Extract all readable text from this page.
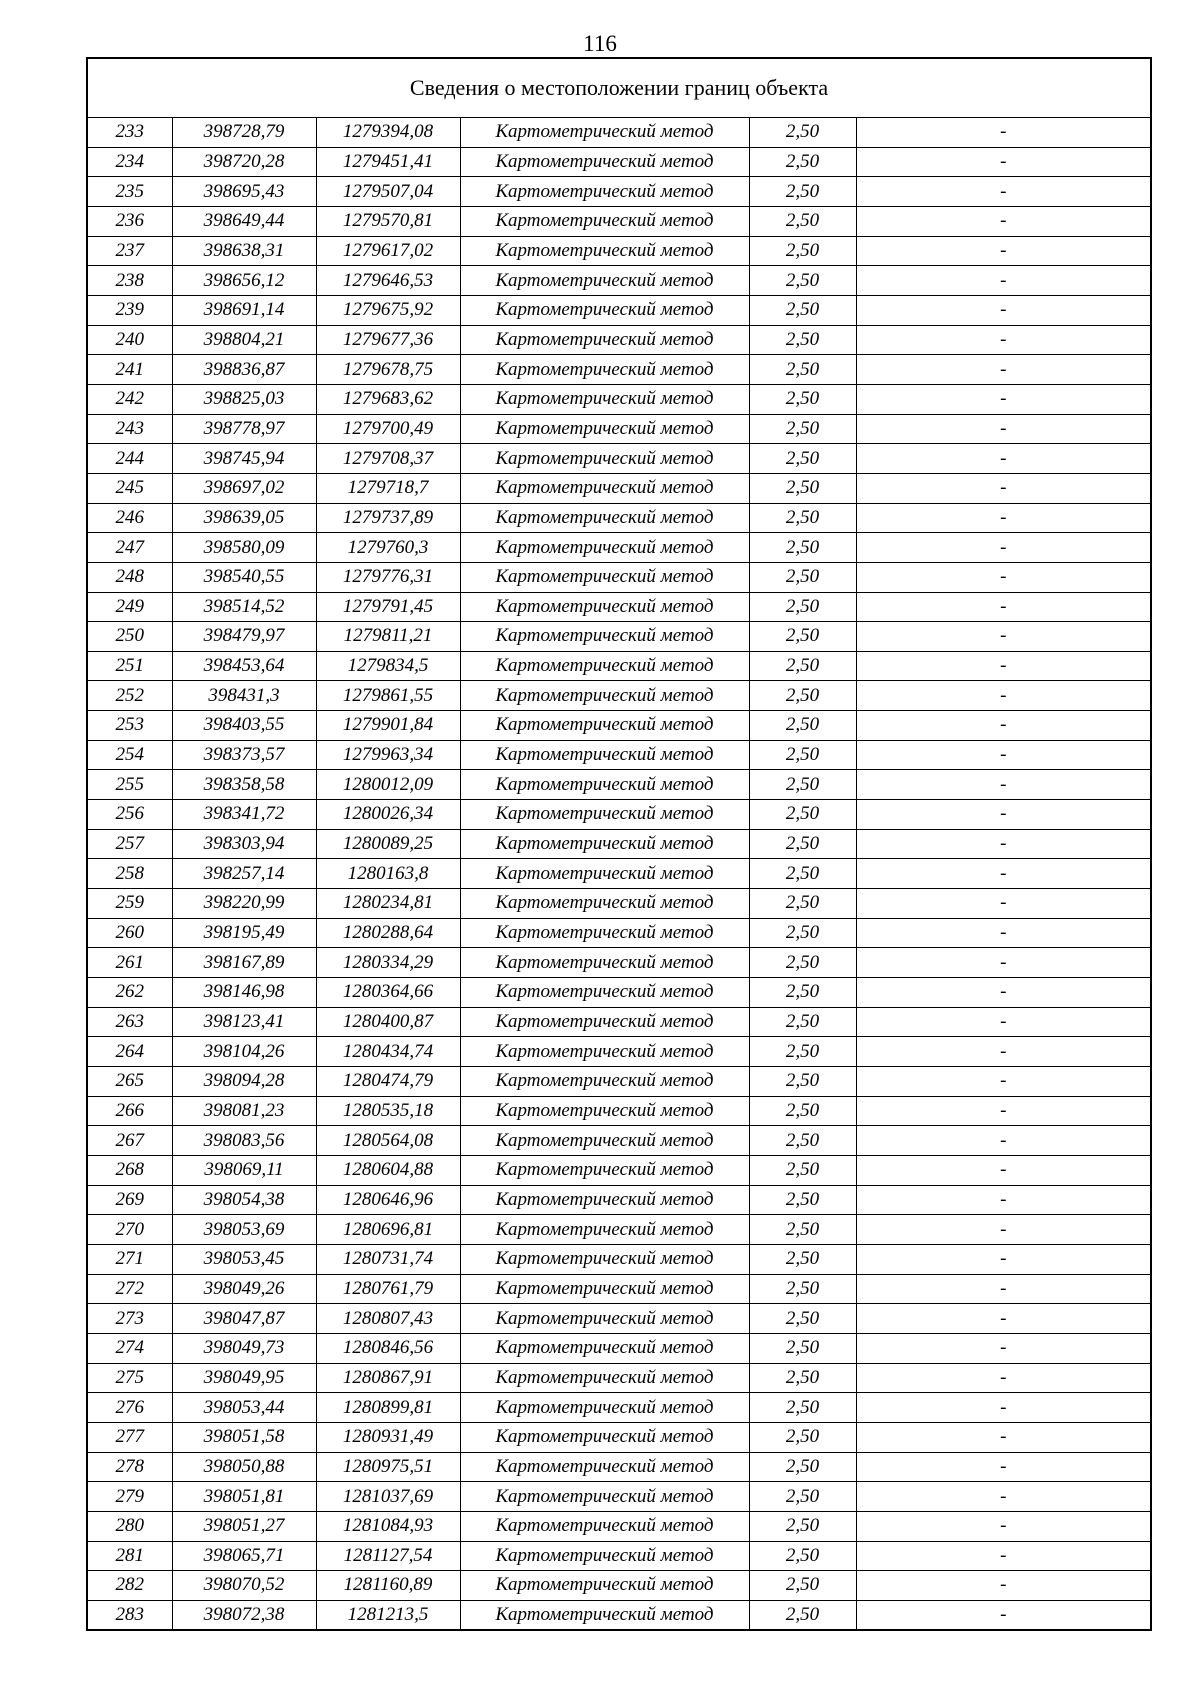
116
Сведения о местоположении границ объекта					
233	398728,79	1279394,08	Картометрический метод	2,50	-
234	398720,28	1279451,41	Картометрический метод	2,50	-
235	398695,43	1279507,04	Картометрический метод	2,50	-
236	398649,44	1279570,81	Картометрический метод	2,50	-
237	398638,31	1279617,02	Картометрический метод	2,50	-
238	398656,12	1279646,53	Картометрический метод	2,50	-
239	398691,14	1279675,92	Картометрический метод	2,50	-
240	398804,21	1279677,36	Картометрический метод	2,50	-
241	398836,87	1279678,75	Картометрический метод	2,50	-
242	398825,03	1279683,62	Картометрический метод	2,50	-
243	398778,97	1279700,49	Картометрический метод	2,50	-
244	398745,94	1279708,37	Картометрический метод	2,50	-
245	398697,02	1279718,7	Картометрический метод	2,50	-
246	398639,05	1279737,89	Картометрический метод	2,50	-
247	398580,09	1279760,3	Картометрический метод	2,50	-
248	398540,55	1279776,31	Картометрический метод	2,50	-
249	398514,52	1279791,45	Картометрический метод	2,50	-
250	398479,97	1279811,21	Картометрический метод	2,50	-
251	398453,64	1279834,5	Картометрический метод	2,50	-
252	398431,3	1279861,55	Картометрический метод	2,50	-
253	398403,55	1279901,84	Картометрический метод	2,50	-
254	398373,57	1279963,34	Картометрический метод	2,50	-
255	398358,58	1280012,09	Картометрический метод	2,50	-
256	398341,72	1280026,34	Картометрический метод	2,50	-
257	398303,94	1280089,25	Картометрический метод	2,50	-
258	398257,14	1280163,8	Картометрический метод	2,50	-
259	398220,99	1280234,81	Картометрический метод	2,50	-
260	398195,49	1280288,64	Картометрический метод	2,50	-
261	398167,89	1280334,29	Картометрический метод	2,50	-
262	398146,98	1280364,66	Картометрический метод	2,50	-
263	398123,41	1280400,87	Картометрический метод	2,50	-
264	398104,26	1280434,74	Картометрический метод	2,50	-
265	398094,28	1280474,79	Картометрический метод	2,50	-
266	398081,23	1280535,18	Картометрический метод	2,50	-
267	398083,56	1280564,08	Картометрический метод	2,50	-
268	398069,11	1280604,88	Картометрический метод	2,50	-
269	398054,38	1280646,96	Картометрический метод	2,50	-
270	398053,69	1280696,81	Картометрический метод	2,50	-
271	398053,45	1280731,74	Картометрический метод	2,50	-
272	398049,26	1280761,79	Картометрический метод	2,50	-
273	398047,87	1280807,43	Картометрический метод	2,50	-
274	398049,73	1280846,56	Картометрический метод	2,50	-
275	398049,95	1280867,91	Картометрический метод	2,50	-
276	398053,44	1280899,81	Картометрический метод	2,50	-
277	398051,58	1280931,49	Картометрический метод	2,50	-
278	398050,88	1280975,51	Картометрический метод	2,50	-
279	398051,81	1281037,69	Картометрический метод	2,50	-
280	398051,27	1281084,93	Картометрический метод	2,50	-
281	398065,71	1281127,54	Картометрический метод	2,50	-
282	398070,52	1281160,89	Картометрический метод	2,50	-
283	398072,38	1281213,5	Картометрический метод	2,50	-
